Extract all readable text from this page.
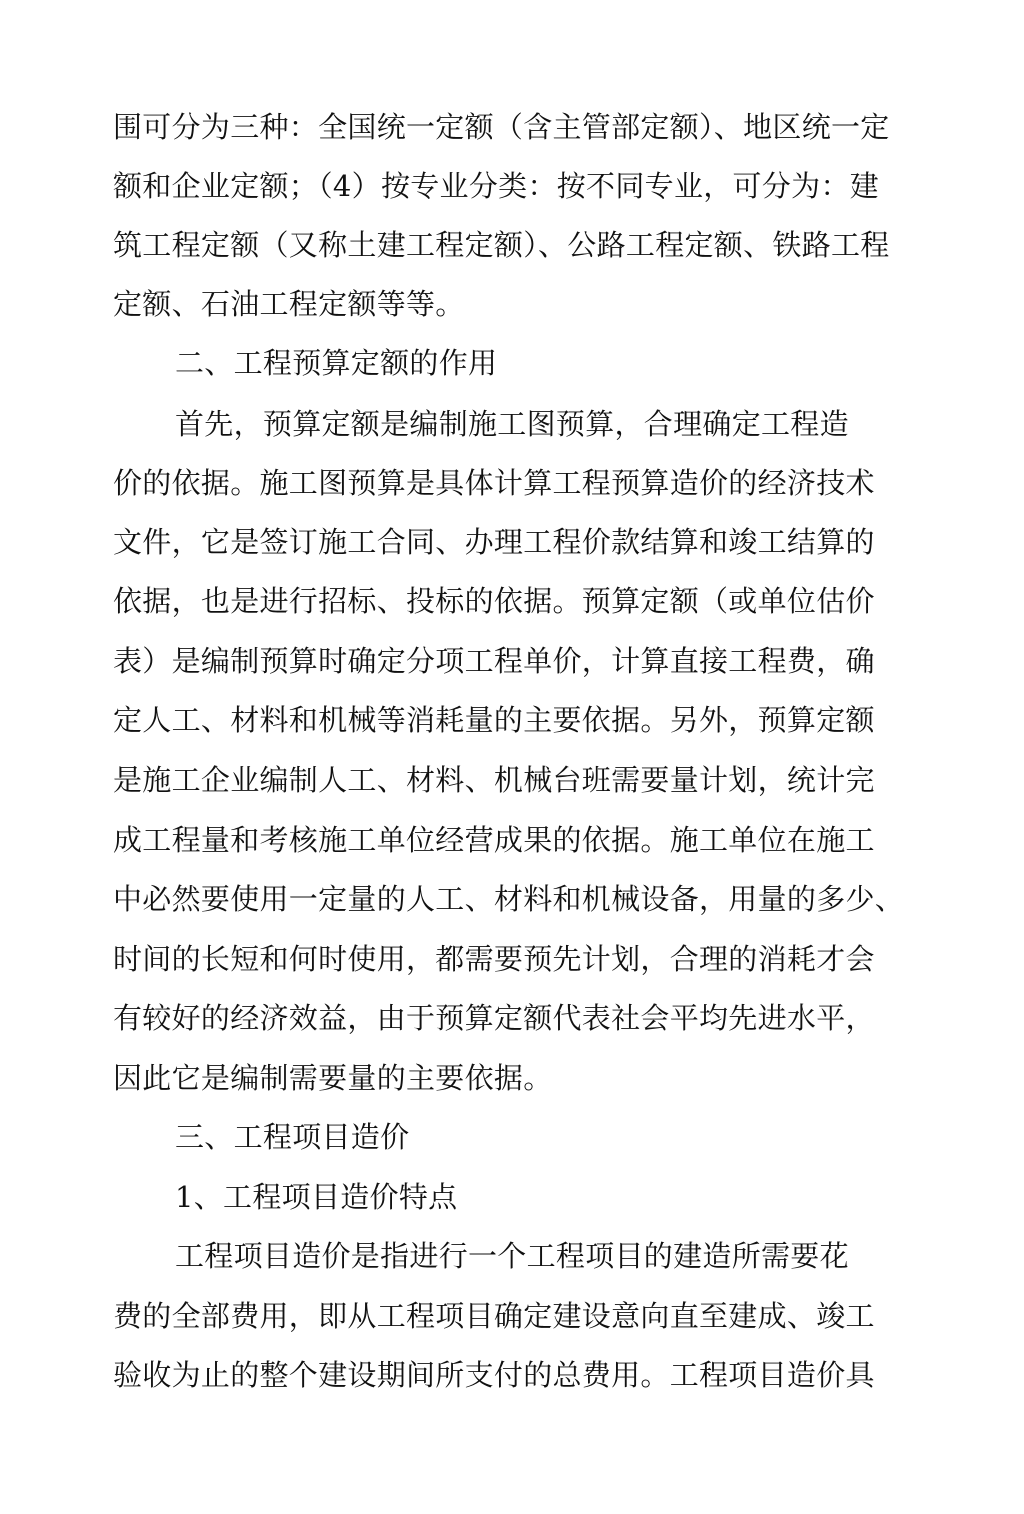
围可分为三种：全国统一定额（含主管部定额）、地区统一定

额和企业定额；（4）按专业分类：按不同专业，可分为：建

筑工程定额（又称土建工程定额）、公路工程定额、铁路工程

定额、石油工程定额等等。

二、工程预算定额的作用

首先，预算定额是编制施工图预算，合理确定工程造

价的依据。施工图预算是具体计算工程预算造价的经济技术

文件，它是签订施工合同、办理工程价款结算和竣工结算的

依据，也是进行招标、投标的依据。预算定额（或单位估价

表）是编制预算时确定分项工程单价，计算直接工程费，确

定人工、材料和机械等消耗量的主要依据。另外，预算定额

是施工企业编制人工、材料、机械台班需要量计划，统计完

成工程量和考核施工单位经营成果的依据。施工单位在施工

中必然要使用一定量的人工、材料和机械设备，用量的多少、

时间的长短和何时使用，都需要预先计划，合理的消耗才会

有较好的经济效益，由于预算定额代表社会平均先进水平，

因此它是编制需要量的主要依据。

三、工程项目造价

1、工程项目造价特点

工程项目造价是指进行一个工程项目的建造所需要花

费的全部费用，即从工程项目确定建设意向直至建成、竣工

验收为止的整个建设期间所支付的总费用。工程项目造价具
